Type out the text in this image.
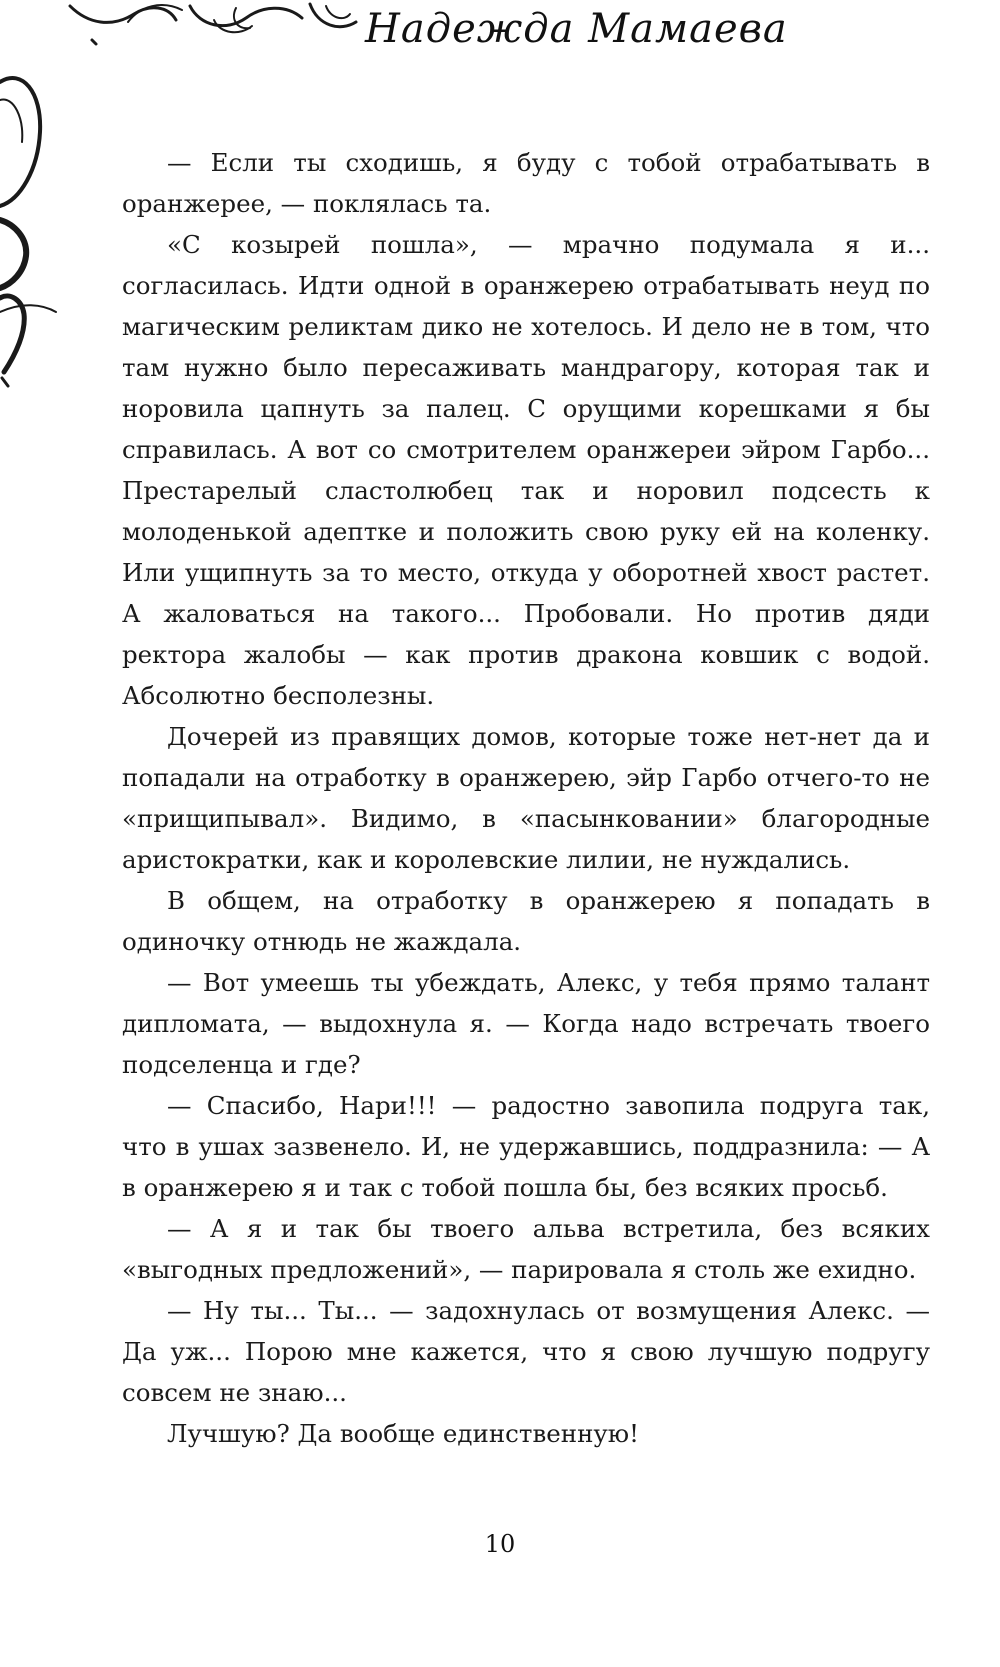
Надежда Мамаева

— Если ты сходишь, я буду с тобой отрабатывать в оранжерее, — поклялась та.

«С козырей пошла», — мрачно подумала я и... согласилась. Идти одной в оранжерею отрабатывать неуд по магическим реликтам дико не хотелось. И дело не в том, что там нужно было пересаживать мандрагору, которая так и норовила цапнуть за палец. С орущими корешками я бы справилась. А вот со смотрителем оранжереи эйром Гарбо... Престарелый сластолюбец так и норовил подсесть к молоденькой адептке и положить свою руку ей на коленку. Или ущипнуть за то место, откуда у оборотней хвост растет. А жаловаться на такого... Пробовали. Но против дяди ректора жалобы — как против дракона ковшик с водой. Абсолютно бесполезны.

Дочерей из правящих домов, которые тоже нет-нет да и попадали на отработку в оранжерею, эйр Гарбо отчего-то не «прищипывал». Видимо, в «пасынковании» благородные аристократки, как и королевские лилии, не нуждались.

В общем, на отработку в оранжерею я попадать в одиночку отнюдь не жаждала.

— Вот умеешь ты убеждать, Алекс, у тебя прямо талант дипломата, — выдохнула я. — Когда надо встречать твоего подселенца и где?

— Спасибо, Нари!!! — радостно завопила подруга так, что в ушах зазвенело. И, не удержавшись, поддразнила: — А в оранжерею я и так с тобой пошла бы, без всяких просьб.

— А я и так бы твоего альва встретила, без всяких «выгодных предложений», — парировала я столь же ехидно.

— Ну ты... Ты... — задохнулась от возмущения Алекс. — Да уж... Порою мне кажется, что я свою лучшую подругу совсем не знаю...

Лучшую? Да вообще единственную!

10
